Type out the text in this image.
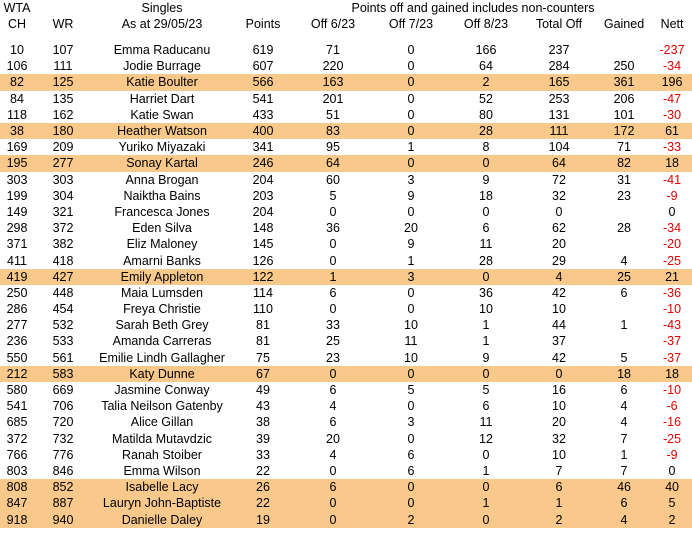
WTA		Singles		Points off and gained includes non-counters					
CH	WR	As at 29/05/23	Points	Off 6/23	Off 7/23	Off 8/23	Total Off	Gained	Nett

10	107	Emma Raducanu	619	71	0	166	237		-237
106	111	Jodie Burrage	607	220	0	64	284	250	-34
82	125	Katie Boulter	566	163	0	2	165	361	196
84	135	Harriet Dart	541	201	0	52	253	206	-47
118	162	Katie Swan	433	51	0	80	131	101	-30
38	180	Heather Watson	400	83	0	28	111	172	61
169	209	Yuriko Miyazaki	341	95	1	8	104	71	-33
195	277	Sonay Kartal	246	64	0	0	64	82	18
303	303	Anna Brogan	204	60	3	9	72	31	-41
199	304	Naiktha Bains	203	5	9	18	32	23	-9
149	321	Francesca Jones	204	0	0	0	0		0
298	372	Eden Silva	148	36	20	6	62	28	-34
371	382	Eliz Maloney	145	0	9	11	20		-20
411	418	Amarni Banks	126	0	1	28	29	4	-25
419	427	Emily Appleton	122	1	3	0	4	25	21
250	448	Maia Lumsden	114	6	0	36	42	6	-36
286	454	Freya Christie	110	0	0	10	10		-10
277	532	Sarah Beth Grey	81	33	10	1	44	1	-43
236	533	Amanda Carreras	81	25	11	1	37		-37
550	561	Emilie Lindh Gallagher	75	23	10	9	42	5	-37
212	583	Katy Dunne	67	0	0	0	0	18	18
580	669	Jasmine Conway	49	6	5	5	16	6	-10
541	706	Talia Neilson Gatenby	43	4	0	6	10	4	-6
685	720	Alice Gillan	38	6	3	11	20	4	-16
372	732	Matilda Mutavdzic	39	20	0	12	32	7	-25
766	776	Ranah Stoiber	33	4	6	0	10	1	-9
803	846	Emma Wilson	22	0	6	1	7	7	0
808	852	Isabelle Lacy	26	6	0	0	6	46	40
847	887	Lauryn John-Baptiste	22	0	0	1	1	6	5
918	940	Danielle Daley	19	0	2	0	2	4	2
